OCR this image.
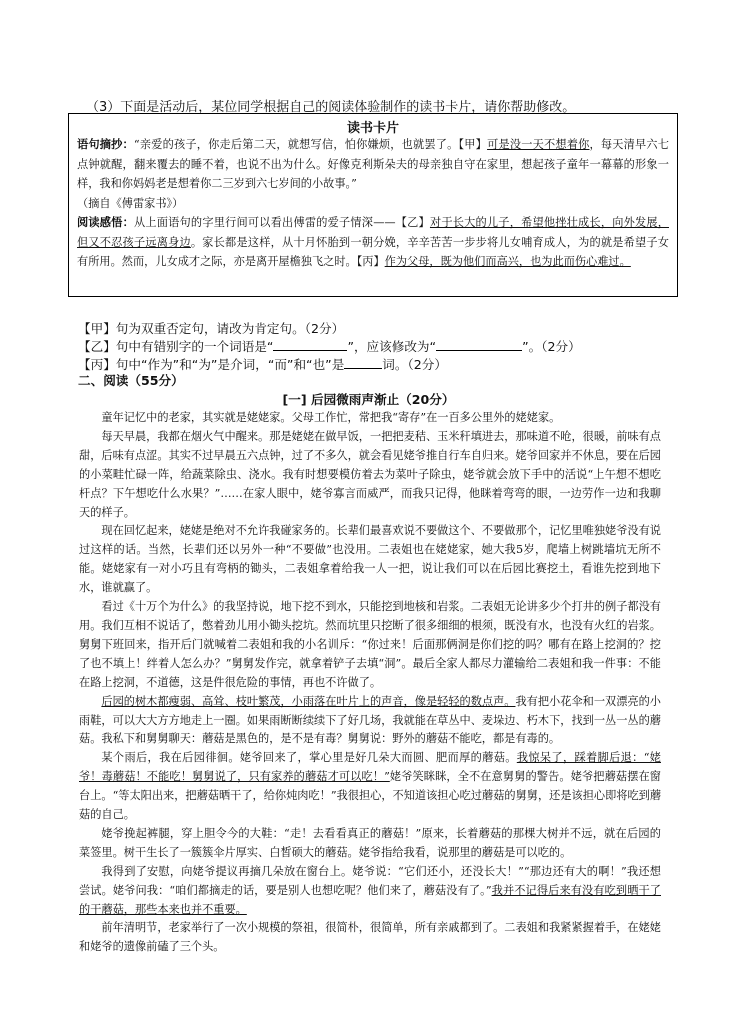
（3）下面是活动后，某位同学根据自己的阅读体验制作的读书卡片，请你帮助修改。
读书卡片

语句摘抄：“亲爱的孩子，你走后第二天，就想写信，怕你嫌烦，也就罢了。【甲】可是没一天不想着你，每天清早六七点钟就醒，翻来覆去的睡不着，也说不出为什么。好像克利斯朵夫的母亲独自守在家里，想起孩子童年一幕幕的形象一样，我和你妈妈老是想着你二三岁到六七岁间的小故事。”

（摘自《傅雷家书》）

阅读感悟：从上面语句的字里行间可以看出傅雷的爱子情深——【乙】对于长大的儿子，希望他挫壮成长，向外发展，但又不忍孩子远离身边。家长都是这样，从十月怀胎到一朝分娩，辛辛苦苦一步步将儿女哺育成人，为的就是希望子女有所用。然而，儿女成才之际，亦是离开屋檐独飞之时。【丙】作为父母，既为他们而高兴，也为此而伤心难过。

【甲】句为双重否定句，请改为肯定句。（2分）
【乙】句中有错别字的一个词语是“	”，应该修改为“	”。（2分）
【丙】句中“作为”和“为”是介词，“而”和“也”是	词。（2分）
二、阅读（55分）
[一] 后园微雨声渐止（20分）

童年记忆中的老家，其实就是姥姥家。父母工作忙，常把我“寄存”在一百多公里外的姥姥家。

每天早晨，我都在烟火气中醒来。那是姥姥在做早饭，一把把麦秸、玉米秆填进去，那味道不呛，很暖，前味有点甜，后味有点涩。其实不过早晨五六点钟，过了不多久，就会看见姥爷推自行车自归来。姥爷回家并不休息，要在后园的小菜畦忙碌一阵，给蔬菜除虫、浇水。我有时想要模仿着去为菜叶子除虫，姥爷就会放下手中的活说“上午想不想吃杆点？下午想吃什么水果？”……在家人眼中，姥爷寡言而威严，而我只记得，他眯着弯弯的眼，一边劳作一边和我聊天的样子。

现在回忆起来，姥姥是绝对不允许我碰家务的。长辈们最喜欢说不要做这个、不要做那个，记忆里唯独姥爷没有说过这样的话。当然，长辈们还以另外一种“不要做”也没用。二表姐也在姥姥家，她大我5岁，爬墙上树跳墙坑无所不能。姥姥家有一对小巧且有弯柄的锄头，二表姐拿着给我一人一把，说让我们可以在后园比赛挖土，看谁先挖到地下水，谁就赢了。

看过《十万个为什么》的我坚持说，地下挖不到水，只能挖到地核和岩浆。二表姐无论讲多少个打井的例子都没有用。我们互相不说话了，憋着劲儿用小锄头挖坑。然而坑里只挖断了很多细细的根须，既没有水，也没有火红的岩浆。舅舅下班回来，指开后门就喊着二表姐和我的小名训斥：“你过来！后面那俩洞是你们挖的吗？哪有在路上挖洞的？挖了也不填上！绊着人怎么办？”舅舅发作完，就拿着铲子去填“洞”。最后全家人都尽力灌输给二表姐和我一件事：不能在路上挖洞，不道德，这是件很危险的事情，再也不许做了。

后园的树木都瘦弱、高耸、枝叶繁茂，小雨落在叶片上的声音，像是轻轻的数点声。我有把小花伞和一双漂亮的小雨鞋，可以大大方方地走上一圈。如果雨断断续续下了好几场，我就能在草丛中、麦垛边、朽木下，找到一丛一丛的蘑菇。我私下和舅舅聊天：蘑菇是黑色的，是不是有毒？舅舅说：野外的蘑菇不能吃，都是有毒的。

某个雨后，我在后园徘徊。姥爷回来了，掌心里是好几朵大而圆、肥而厚的蘑菇。我惊呆了，踩着脚后退：“姥爷！毒蘑菇！不能吃！舅舅说了，只有家养的蘑菇才可以吃！”姥爷笑眯眯，全不在意舅舅的警告。姥爷把蘑菇摆在窗台上。“等太阳出来，把蘑菇晒干了，给你炖肉吃！”我很担心，不知道该担心吃过蘑菇的舅舅，还是该担心即将吃到蘑菇的自己。

姥爷挽起裤腿，穿上胆令今的大鞋：“走！去看看真正的蘑菇！”原来，长着蘑菇的那棵大树并不远，就在后园的菜签里。树干生长了一簇簇伞片厚实、白皙硕大的蘑菇。姥爷指给我看，说那里的蘑菇是可以吃的。

我得到了安慰，向姥爷提议再摘几朵放在窗台上。姥爷说：“它们还小，还没长大！”“那边还有大的啊！”我还想尝试。姥爷问我：“咱们都摘走的话，要是别人也想吃呢？他们来了，蘑菇没有了。”我并不记得后来有没有吃到晒干了的干蘑菇，那些本来也并不重要。

前年清明节，老家举行了一次小规模的祭祖，很简朴，很简单，所有亲戚都到了。二表姐和我紧紧握着手，在姥姥和姥爷的遗像前磕了三个头。
